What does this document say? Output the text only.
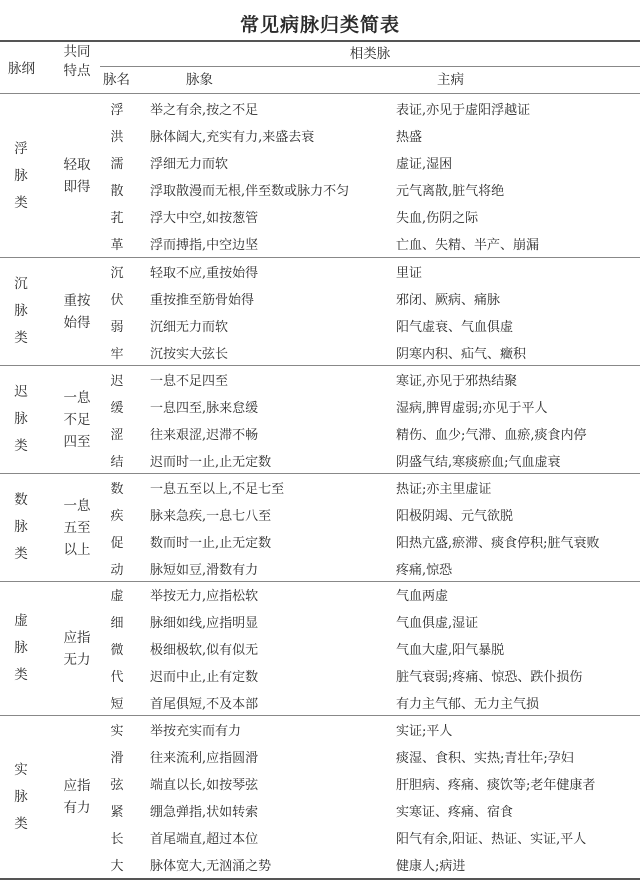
常见病脉归类简表
脉纲
共同
特点
相类脉
脉名	脉象	主病
浮
脉
类
轻取
即得
浮	举之有余,按之不足	表证,亦见于虚阳浮越证
洪	脉体阔大,充实有力,来盛去衰	热盛
濡	浮细无力而软	虚证,湿困
散	浮取散漫而无根,伴至数或脉力不匀	元气离散,脏气将绝
芤	浮大中空,如按葱管	失血,伤阴之际
革	浮而搏指,中空边坚	亡血、失精、半产、崩漏
沉
脉
类
重按
始得
沉	轻取不应,重按始得	里证
伏	重按推至筋骨始得	邪闭、厥病、痛脉
弱	沉细无力而软	阳气虚衰、气血俱虚
牢	沉按实大弦长	阴寒内积、疝气、癥积
迟
脉
类
一息
不足
四至
迟	一息不足四至	寒证,亦见于邪热结聚
缓	一息四至,脉来怠缓	湿病,脾胃虚弱;亦见于平人
涩	往来艰涩,迟滞不畅	精伤、血少;气滞、血瘀,痰食内停
结	迟而时一止,止无定数	阴盛气结,寒痰瘀血;气血虚衰
数
脉
类
一息
五至
以上
数	一息五至以上,不足七至	热证;亦主里虚证
疾	脉来急疾,一息七八至	阳极阴竭、元气欲脱
促	数而时一止,止无定数	阳热亢盛,瘀滞、痰食停积;脏气衰败
动	脉短如豆,滑数有力	疼痛,惊恐
虚
脉
类
应指
无力
虚	举按无力,应指松软	气血两虚
细	脉细如线,应指明显	气血俱虚,湿证
微	极细极软,似有似无	气血大虚,阳气暴脱
代	迟而中止,止有定数	脏气衰弱;疼痛、惊恐、跌仆损伤
短	首尾俱短,不及本部	有力主气郁、无力主气损
实
脉
类
应指
有力
实	举按充实而有力	实证;平人
滑	往来流利,应指圆滑	痰湿、食积、实热;青壮年;孕妇
弦	端直以长,如按琴弦	肝胆病、疼痛、痰饮等;老年健康者
紧	绷急弹指,状如转索	实寒证、疼痛、宿食
长	首尾端直,超过本位	阳气有余,阳证、热证、实证,平人
大	脉体宽大,无汹涌之势	健康人;病进
